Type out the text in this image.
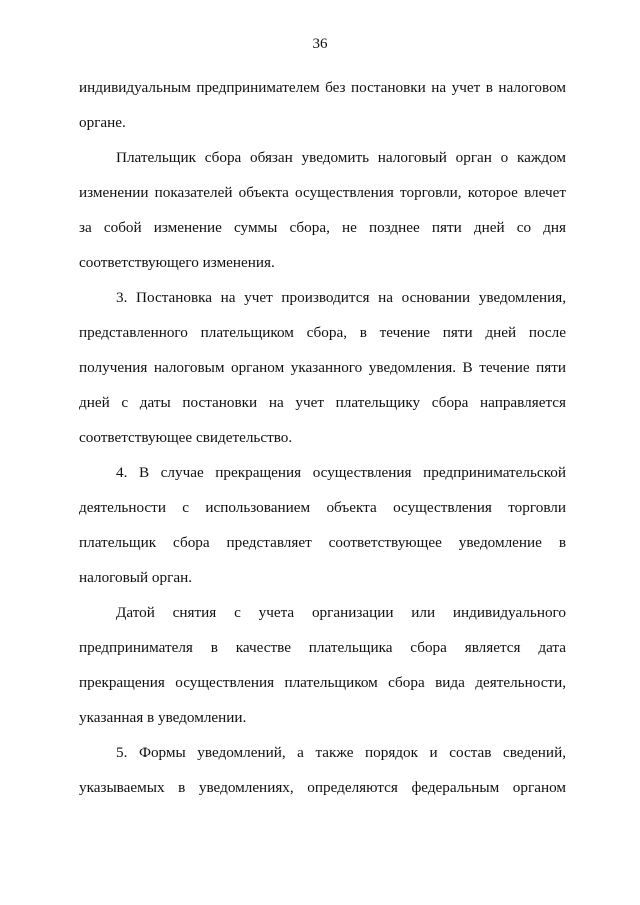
36
индивидуальным предпринимателем без постановки на учет в налоговом
органе.
Плательщик сбора обязан уведомить налоговый орган о каждом
изменении показателей объекта осуществления торговли, которое влечет
за собой изменение суммы сбора, не позднее пяти дней со дня
соответствующего изменения.
3. Постановка на учет производится на основании уведомления,
представленного плательщиком сбора, в течение пяти дней после
получения налоговым органом указанного уведомления. В течение пяти
дней с даты постановки на учет плательщику сбора направляется
соответствующее свидетельство.
4. В случае прекращения осуществления предпринимательской
деятельности с использованием объекта осуществления торговли
плательщик сбора представляет соответствующее уведомление в
налоговый орган.
Датой снятия с учета организации или индивидуального
предпринимателя в качестве плательщика сбора является дата
прекращения осуществления плательщиком сбора вида деятельности,
указанная в уведомлении.
5. Формы уведомлений, а также порядок и состав сведений,
указываемых в уведомлениях, определяются федеральным органом
